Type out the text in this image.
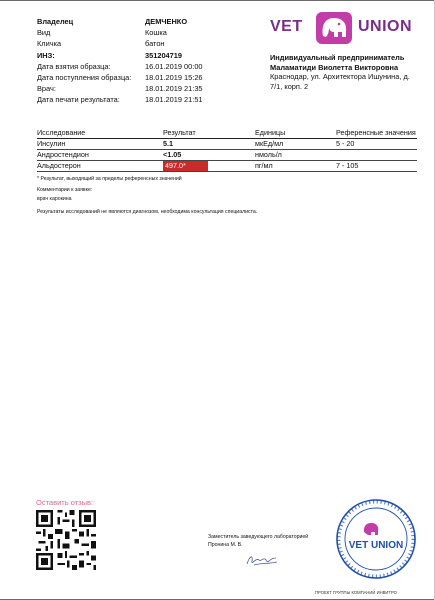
Владелец	ДЕМЧЕНКО
Вид	Кошка
Кличка	батон
ИНЗ:	351204719
Дата взятия образца:	16.01.2019 00:00
Дата поступления образца:	18.01.2019 15:26
Врач:	18.01.2019 21:35
Дата печати результата:	18.01.2019 21:51
VET	UNION
Индивидуальный предприниматель
Маламатиди Виолетта Викторовна
Краснодар, ул. Архитектора Ишунина, д.
7/1, корп. 2
Исследование	Результат	Единицы	Референсные значения
Инсулин	5.1	мкЕд/мл	5 - 20
Андростендион	<1.05	нмоль/л
Альдостерон	497.0*	пг/мл	7 - 105
* Результат, выходящий за пределы референсных значений
Комментарии к заявке:
врач карокина
Результаты исследований не являются диагнозом, необходима консультация специалиста.
Оставить отзыв:
Заместитель заведующего лабораторией
Пронина М. В.	VET UNION
ПРОЕКТ ГРУППЫ КОМПАНИЙ ИНВИТРО
